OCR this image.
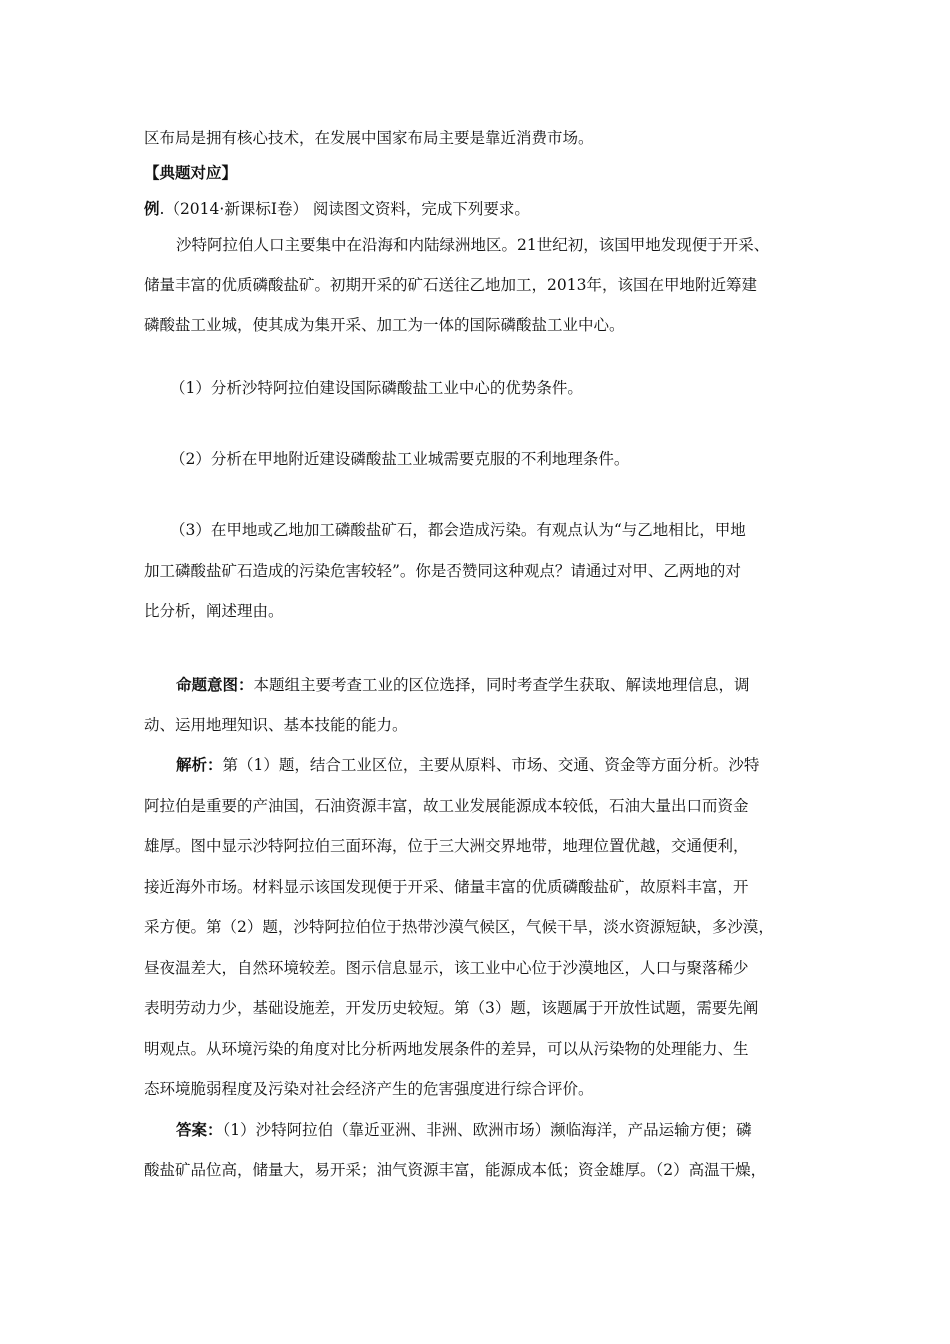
区布局是拥有核心技术，在发展中国家布局主要是靠近消费市场。
【典题对应】
例.（2014·新课标Ⅰ卷） 阅读图文资料，完成下列要求。
沙特阿拉伯人口主要集中在沿海和内陆绿洲地区。21世纪初，该国甲地发现便于开采、
储量丰富的优质磷酸盐矿。初期开采的矿石送往乙地加工，2013年，该国在甲地附近筹建
磷酸盐工业城，使其成为集开采、加工为一体的国际磷酸盐工业中心。
（1）分析沙特阿拉伯建设国际磷酸盐工业中心的优势条件。
（2）分析在甲地附近建设磷酸盐工业城需要克服的不利地理条件。
（3）在甲地或乙地加工磷酸盐矿石，都会造成污染。有观点认为“与乙地相比，甲地
加工磷酸盐矿石造成的污染危害较轻”。你是否赞同这种观点？请通过对甲、乙两地的对
比分析，阐述理由。
命题意图：本题组主要考查工业的区位选择，同时考查学生获取、解读地理信息，调
动、运用地理知识、基本技能的能力。
解析：第（1）题，结合工业区位，主要从原料、市场、交通、资金等方面分析。沙特
阿拉伯是重要的产油国，石油资源丰富，故工业发展能源成本较低，石油大量出口而资金
雄厚。图中显示沙特阿拉伯三面环海，位于三大洲交界地带，地理位置优越，交通便利，
接近海外市场。材料显示该国发现便于开采、储量丰富的优质磷酸盐矿，故原料丰富，开
采方便。第（2）题，沙特阿拉伯位于热带沙漠气候区，气候干旱，淡水资源短缺，多沙漠，
昼夜温差大，自然环境较差。图示信息显示，该工业中心位于沙漠地区，人口与聚落稀少
表明劳动力少，基础设施差，开发历史较短。第（3）题，该题属于开放性试题，需要先阐
明观点。从环境污染的角度对比分析两地发展条件的差异，可以从污染物的处理能力、生
态环境脆弱程度及污染对社会经济产生的危害强度进行综合评价。
答案：（1）沙特阿拉伯（靠近亚洲、非洲、欧洲市场）濒临海洋，产品运输方便；磷
酸盐矿品位高，储量大，易开采；油气资源丰富，能源成本低；资金雄厚。（2）高温干燥，
